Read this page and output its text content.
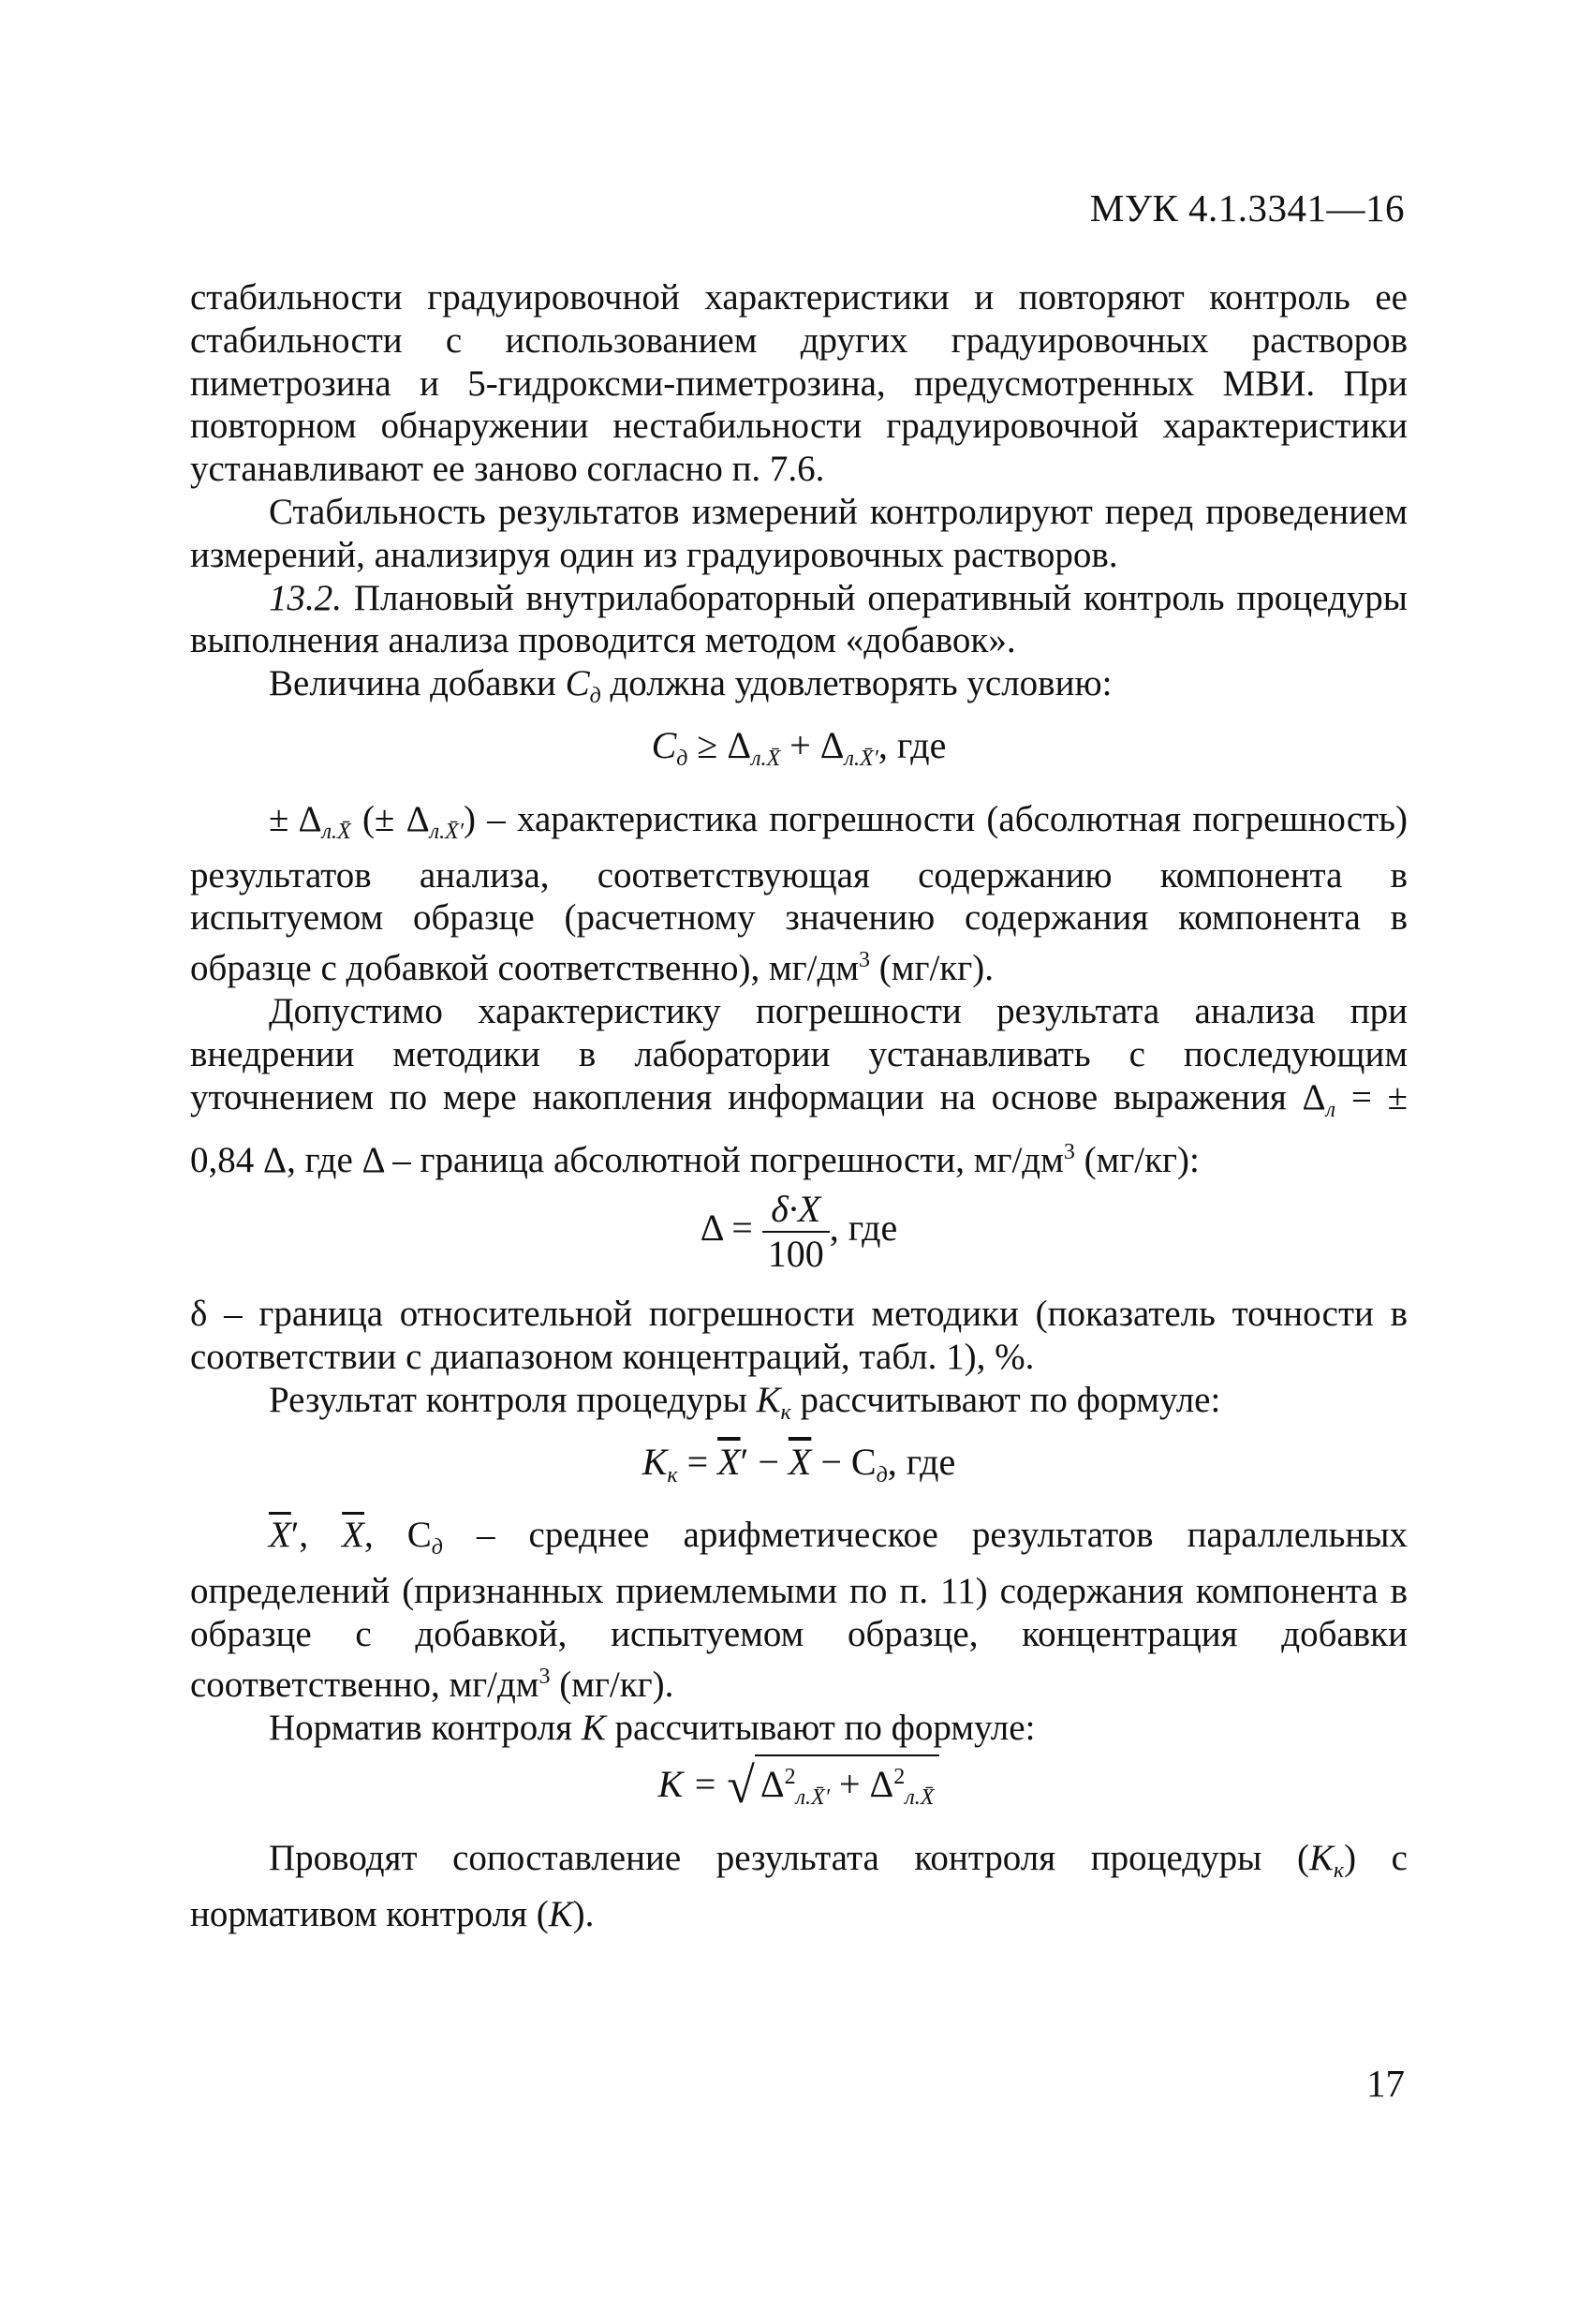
МУК 4.1.3341—16

стабильности градуировочной характеристики и повторяют контроль ее стабильности с использованием других градуировочных растворов пиметрозина и 5-гидроксми-пиметрозина, предусмотренных МВИ. При повторном обнаружении нестабильности градуировочной характеристики устанавливают ее заново согласно п. 7.6.

Стабильность результатов измерений контролируют перед проведением измерений, анализируя один из градуировочных растворов.

13.2. Плановый внутрилабораторный оперативный контроль процедуры выполнения анализа проводится методом «добавок».

Величина добавки $С_д$ должна удовлетворять условию:

$С_д \ge \Delta_{л.X̄} + \Delta_{л.X̄'}$, где

± $\Delta_{л.X̄}$ (± $\Delta_{л.X̄'}$) – характеристика погрешности (абсолютная погрешность) результатов анализа, соответствующая содержанию компонента в испытуемом образце (расчетному значению содержания компонента в образце с добавкой соответственно), $мг/дм^3$ (мг/кг).

Допустимо характеристику погрешности результата анализа при внедрении методики в лаборатории устанавливать с последующим уточнением по мере накопления информации на основе выражения $\Delta_л$ = ± 0,84 Δ, где Δ – граница абсолютной погрешности, $мг/дм^3$ (мг/кг):

$\Delta = \frac{\delta\cdot X}{100}$ , где

δ – граница относительной погрешности методики (показатель точности в соответствии с диапазоном концентраций, табл. 1), %.

Результат контроля процедуры $К_к$ рассчитывают по формуле:

$К_к = \overline{X}' - \overline{X} - С_д$, где

$\overline{X}'$, $\overline{X}$, $С_д$ – среднее арифметическое результатов параллельных определений (признанных приемлемыми по п. 11) содержания компонента в образце с добавкой, испытуемом образце, концентрация добавки соответственно, $мг/дм^3$ (мг/кг).

Норматив контроля К рассчитывают по формуле:

К = √ $\Delta^2_{л.X̄'} + \Delta^2_{л.X̄}$

Проводят сопоставление результата контроля процедуры $(К_к)$ с нормативом контроля (К).

17
